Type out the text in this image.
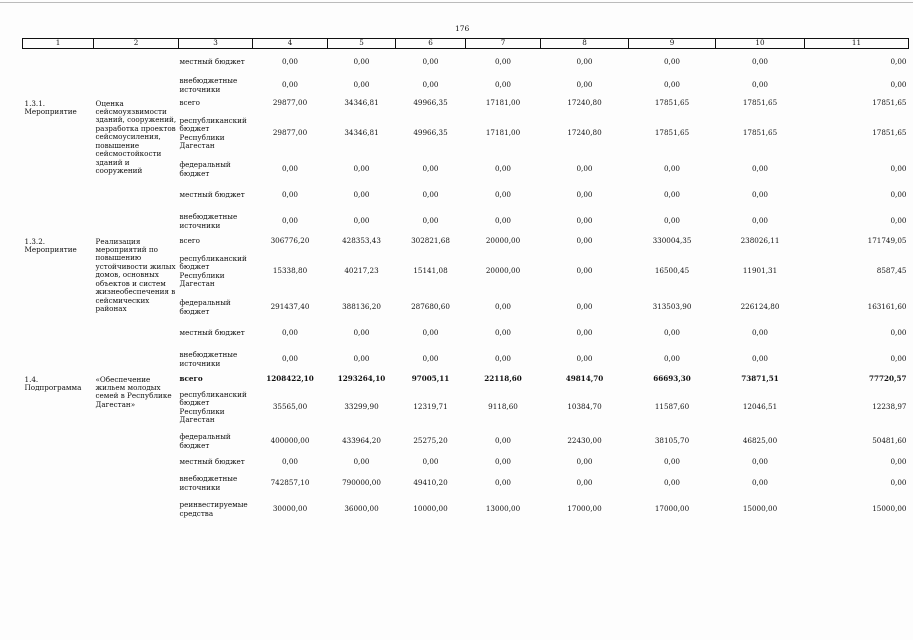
176
1	2	3	4	5	6	7	8	9	10	11
		местный бюджет	0,00	0,00	0,00	0,00	0,00	0,00	0,00	0,00
		внебюджетные источники	0,00	0,00	0,00	0,00	0,00	0,00	0,00	0,00
1.3.1. Мероприятие	Оценка сейсмоуязвимости зданий, сооружений, разработка проектов сейсмоусиления, повышение сейсмостойкости зданий и сооружений	всего	29877,00	34346,81	49966,35	17181,00	17240,80	17851,65	17851,65	17851,65
		республиканский бюджет Республики Дагестан	29877,00	34346,81	49966,35	17181,00	17240,80	17851,65	17851,65	17851,65
		федеральный бюджет	0,00	0,00	0,00	0,00	0,00	0,00	0,00	0,00
		местный бюджет	0,00	0,00	0,00	0,00	0,00	0,00	0,00	0,00
		внебюджетные источники	0,00	0,00	0,00	0,00	0,00	0,00	0,00	0,00
1.3.2. Мероприятие	Реализация мероприятий по повышению устойчивости жилых домов, основных объектов и систем жизнеобеспечения в сейсмических районах	всего	306776,20	428353,43	302821,68	20000,00	0,00	330004,35	238026,11	171749,05
		республиканский бюджет Республики Дагестан	15338,80	40217,23	15141,08	20000,00	0,00	16500,45	11901,31	8587,45
		федеральный бюджет	291437,40	388136,20	287680,60	0,00	0,00	313503,90	226124,80	163161,60
		местный бюджет	0,00	0,00	0,00	0,00	0,00	0,00	0,00	0,00
		внебюджетные источники	0,00	0,00	0,00	0,00	0,00	0,00	0,00	0,00
1.4. Подпрограмма	«Обеспечение жильем молодых семей в Республике Дагестан»	всего	1208422,10	1293264,10	97005,11	22118,60	49814,70	66693,30	73871,51	77720,57
		республиканский бюджет Республики Дагестан	35565,00	33299,90	12319,71	9118,60	10384,70	11587,60	12046,51	12238,97
		федеральный бюджет	400000,00	433964,20	25275,20	0,00	22430,00	38105,70	46825,00	50481,60
		местный бюджет	0,00	0,00	0,00	0,00	0,00	0,00	0,00	0,00
		внебюджетные источники	742857,10	790000,00	49410,20	0,00	0,00	0,00	0,00	0,00
		реинвестируемые средства	30000,00	36000,00	10000,00	13000,00	17000,00	17000,00	15000,00	15000,00
